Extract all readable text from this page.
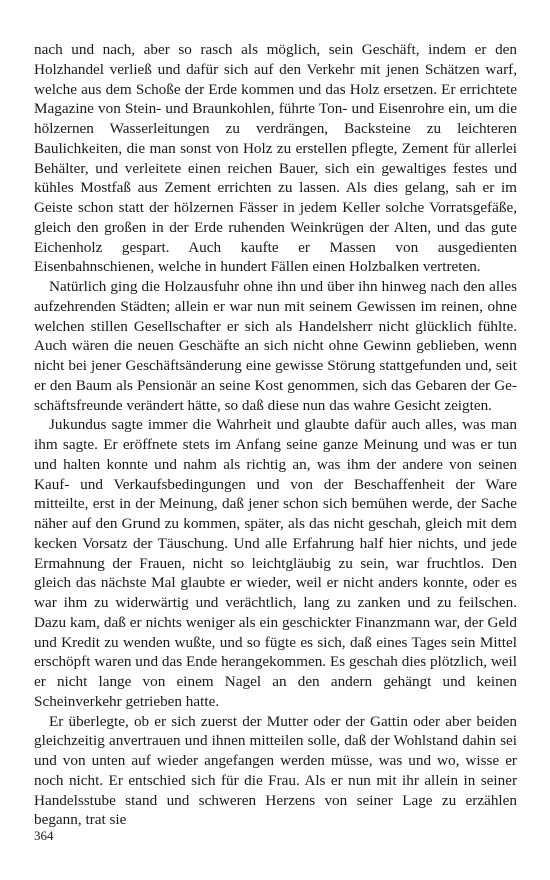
nach und nach, aber so rasch als möglich, sein Geschäft, indem er den Holzhandel verließ und dafür sich auf den Verkehr mit jenen Schätzen warf, welche aus dem Schoße der Erde kommen und das Holz ersetzen. Er errichtete Magazine von Stein- und Braunkohlen, führte Ton- und Eisenrohre ein, um die hölzernen Wasserleitungen zu verdrängen, Backsteine zu leichteren Baulichkeiten, die man sonst von Holz zu erstellen pflegte, Zement für allerlei Behälter, und verleitete einen reichen Bauer, sich ein gewaltiges festes und kühles Mostfaß aus Zement errichten zu lassen. Als dies gelang, sah er im Geiste schon statt der hölzernen Fässer in jedem Keller solche Vorratsgefäße, gleich den großen in der Erde ruhenden Weinkrügen der Alten, und das gute Eichenholz gespart. Auch kaufte er Massen von ausgedienten Eisenbahnschienen, welche in hundert Fällen einen Holzbalken vertreten.

Natürlich ging die Holzausfuhr ohne ihn und über ihn hinweg nach den alles aufzehrenden Städten; allein er war nun mit seinem Gewissen im reinen, ohne welchen stillen Gesellschafter er sich als Handelsherr nicht glücklich fühlte. Auch wären die neuen Geschäfte an sich nicht ohne Gewinn geblieben, wenn nicht bei jener Geschäftsänderung eine gewisse Störung stattgefunden und, seit er den Baum als Pensionär an seine Kost genommen, sich das Gebaren der Geschäftsfreunde verändert hätte, so daß diese nun das wahre Gesicht zeigten.

Jukundus sagte immer die Wahrheit und glaubte dafür auch alles, was man ihm sagte. Er eröffnete stets im Anfang seine ganze Meinung und was er tun und halten konnte und nahm als richtig an, was ihm der andere von seinen Kauf- und Verkaufsbedingungen und von der Beschaffenheit der Ware mitteilte, erst in der Meinung, daß jener schon sich bemühen werde, der Sache näher auf den Grund zu kommen, später, als das nicht geschah, gleich mit dem kecken Vorsatz der Täuschung. Und alle Erfahrung half hier nichts, und jede Ermahnung der Frauen, nicht so leichtgläubig zu sein, war fruchtlos. Den gleich das nächste Mal glaubte er wieder, weil er nicht anders konnte, oder es war ihm zu widerwärtig und verächtlich, lang zu zanken und zu feilschen. Dazu kam, daß er nichts weniger als ein geschickter Finanzmann war, der Geld und Kredit zu wenden wußte, und so fügte es sich, daß eines Tages sein Mittel erschöpft waren und das Ende herangekommen. Es geschah dies plötzlich, weil er nicht lange von einem Nagel an den andern gehängt und keinen Scheinverkehr getrieben hatte.

Er überlegte, ob er sich zuerst der Mutter oder der Gattin oder aber beiden gleichzeitig anvertrauen und ihnen mitteilen solle, daß der Wohlstand dahin sei und von unten auf wieder angefangen werden müsse, was und wo, wisse er noch nicht. Er entschied sich für die Frau. Als er nun mit ihr allein in seiner Handelsstube stand und schweren Herzens von seiner Lage zu erzählen begann, trat sie

364
